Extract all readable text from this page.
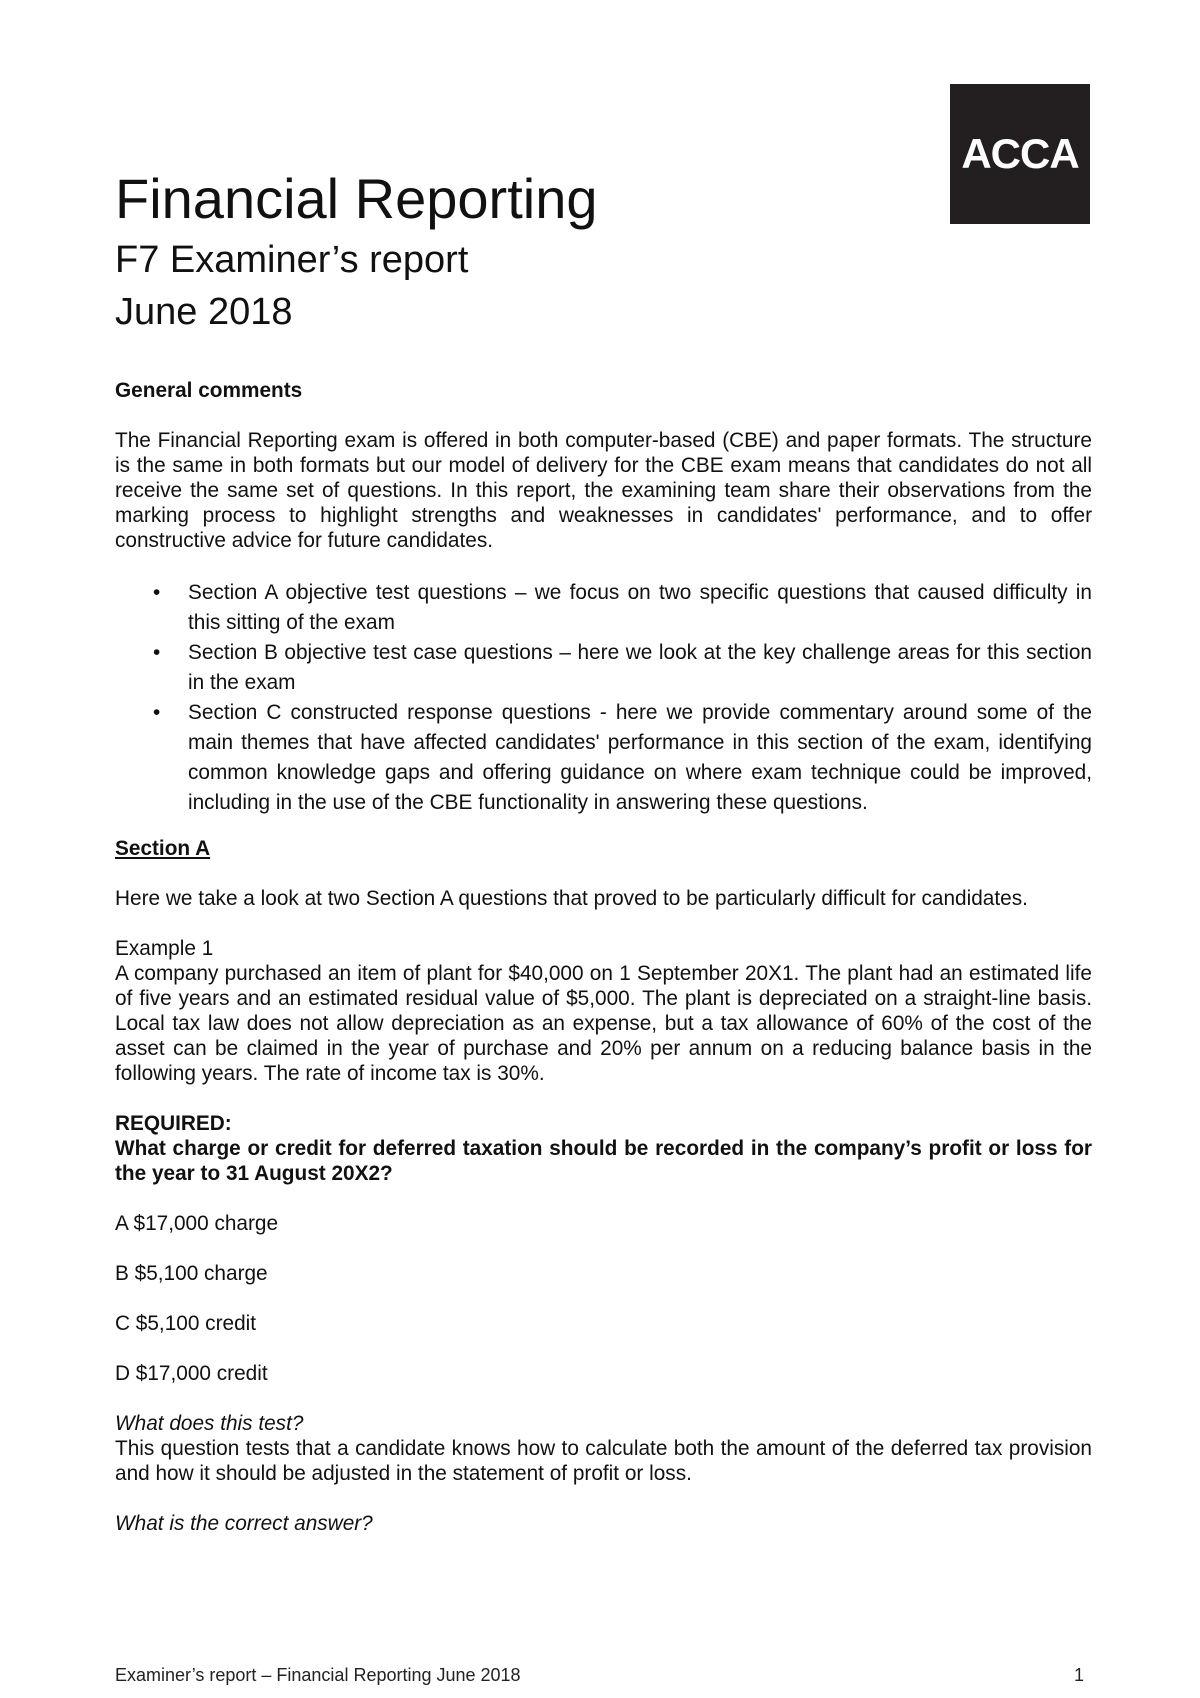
ACCA
Financial Reporting
F7 Examiner’s report
June 2018

General comments

The Financial Reporting exam is offered in both computer-based (CBE) and paper formats. The structure is the same in both formats but our model of delivery for the CBE exam means that candidates do not all receive the same set of questions. In this report, the examining team share their observations from the marking process to highlight strengths and weaknesses in candidates' performance, and to offer constructive advice for future candidates.

• Section A objective test questions – we focus on two specific questions that caused difficulty in this sitting of the exam
• Section B objective test case questions – here we look at the key challenge areas for this section in the exam
• Section C constructed response questions - here we provide commentary around some of the main themes that have affected candidates' performance in this section of the exam, identifying common knowledge gaps and offering guidance on where exam technique could be improved, including in the use of the CBE functionality in answering these questions.

Section A

Here we take a look at two Section A questions that proved to be particularly difficult for candidates.

Example 1

A company purchased an item of plant for $40,000 on 1 September 20X1. The plant had an estimated life of five years and an estimated residual value of $5,000. The plant is depreciated on a straight-line basis. Local tax law does not allow depreciation as an expense, but a tax allowance of 60% of the cost of the asset can be claimed in the year of purchase and 20% per annum on a reducing balance basis in the following years. The rate of income tax is 30%.

REQUIRED:

What charge or credit for deferred taxation should be recorded in the company’s profit or loss for the year to 31 August 20X2?

A $17,000 charge

B $5,100 charge

C $5,100 credit

D $17,000 credit

What does this test?

This question tests that a candidate knows how to calculate both the amount of the deferred tax provision and how it should be adjusted in the statement of profit or loss.

What is the correct answer?

Examiner’s report – Financial Reporting June 2018	1
